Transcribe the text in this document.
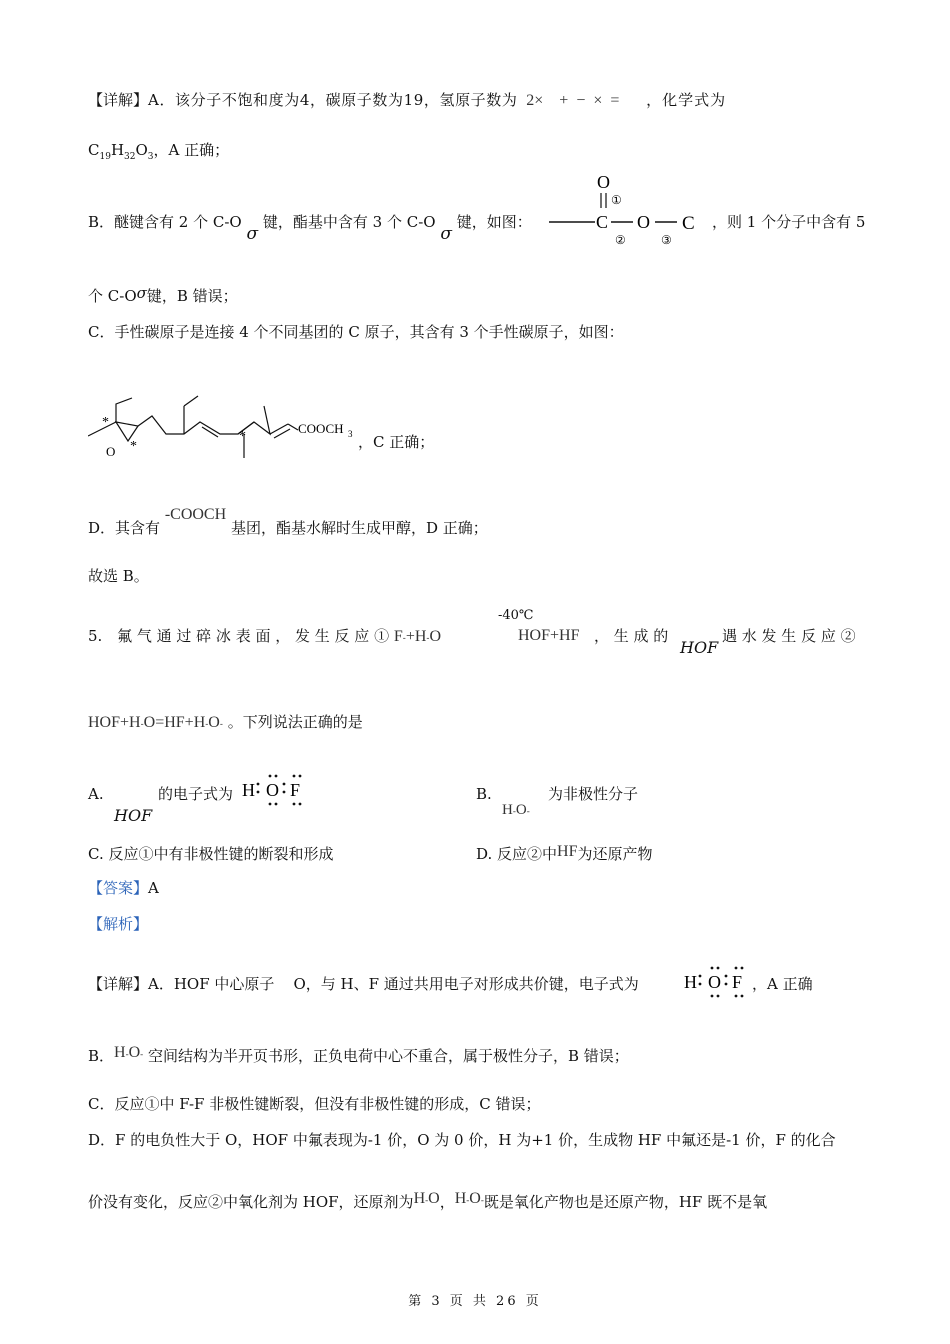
【详解】A．该分子不饱和度为4，碳原子数为19，氢原子数为 2×    +  −  ×  = ，化学式为
$C_{19}H_{32}O_3$，A 正确；
B．醚键含有 2 个 C-O σ 键，酯基中含有 3 个 C-O σ 键，如图：
O
①
C O C
②	③
，则 1 个分子中含有 5
个 C-Oσ键，B 错误；
C．手性碳原子是连接 4 个不同基团的 C 原子，其含有 3 个手性碳原子，如图：
O
COOCH 3
*
*
*	，C 正确；
D．其含有 -COOCH 基团，酯基水解时生成甲醇，D 正确；
故选 B。
5. 氟 气 通 过 碎 冰 表 面 ， 发 生 反 应 ① F-+H-O
-40℃
HOF+HF ， 生 成 的
HOF
遇 水 发 生 反 应 ②
HOF+H-O=HF+H-O- 。下列说法正确的是
A.
HOF
的电子式为 H O F	B.
H-O-
为非极性分子
C. 反应①中有非极性键的断裂和形成	D. 反应②中HF为还原产物
【答案】A
【解析】
【详解】A．HOF 中心原子    O，与 H、F 通过共用电子对形成共价键，电子式为	H O F ，A 正确
B．H-O- 空间结构为半开页书形，正负电荷中心不重合，属于极性分子，B 错误；
C．反应①中 F-F 非极性键断裂，但没有非极性键的形成，C 错误；
D．F 的电负性大于 O，HOF 中氟表现为-1 价，O 为 0 价，H 为+1 价，生成物 HF 中氟还是-1 价，F 的化合
价没有变化，反应②中氧化剂为 HOF，还原剂为H-O，H-O-既是氧化产物也是还原产物，HF 既不是氧
第 3 页 共 26 页
